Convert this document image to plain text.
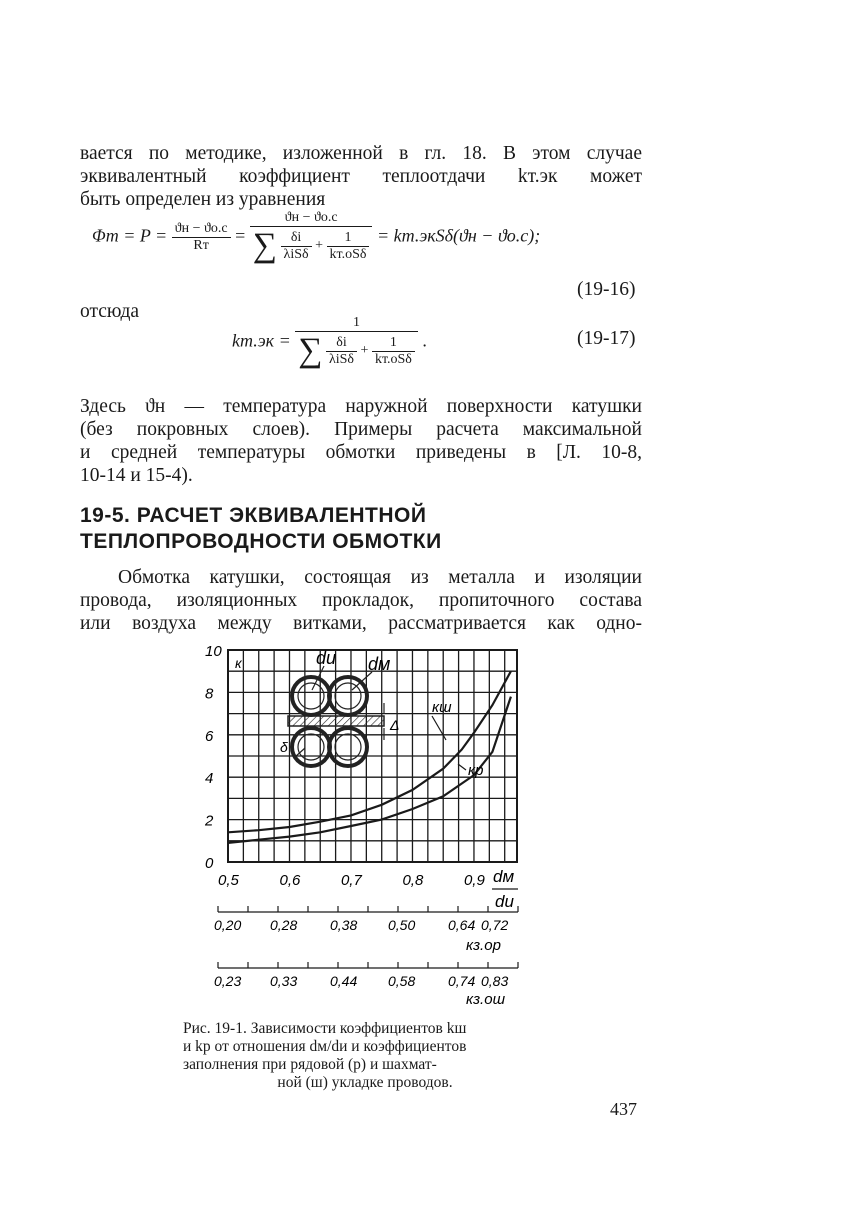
вается по методике, изложенной в гл. 18. В этом случае
эквивалентный коэффициент теплоотдачи kт.эк может
быть определен из уравнения
$\Phi т = P = \frac{ϑн - ϑо.с}{Rт}$ =
ϑн − ϑо.с
∑ $\frac{\delta i}{\text{λiSδ}} + \frac{1}{\text{kт.оSδ}} = kт.экS\delta(ϑн - ϑо.с)$;
(19-16)
отсюда
kт.эк =
1
∑ $\frac{\delta i}{\text{λiSδ}} + \frac{1}{\text{kт.оSδ}}$ .	(19-17)
Здесь ϑн — температура наружной поверхности катушки
(без покровных слоев). Примеры расчета максимальной
и средней температуры обмотки приведены в [Л. 10-8,
10-14 и 15-4).
19-5. РАСЧЕТ ЭКВИВАЛЕНТНОЙ
ТЕПЛОПРОВОДНОСТИ ОБМОТКИ
Обмотка катушки, состоящая из металла и изоляции
провода, изоляционных прокладок, пропиточного состава
или воздуха между витками, рассматривается как одно-
dи dм
Δ
δ
кш
кр
к
0
2
4
6
8
10
0,5	0,6	0,7	0,8	0,9 dм
dи
0,20 0,28 0,38 0,50 0,64 0,72
кз.ор
0,23 0,33 0,44 0,58 0,74 0,83
кз.ош
Рис. 19-1. Зависимости коэффициентов kш
и kр от отношения dм/dи и коэффициентов
заполнения при рядовой (р) и шахмат-
ной (ш) укладке проводов.
437
